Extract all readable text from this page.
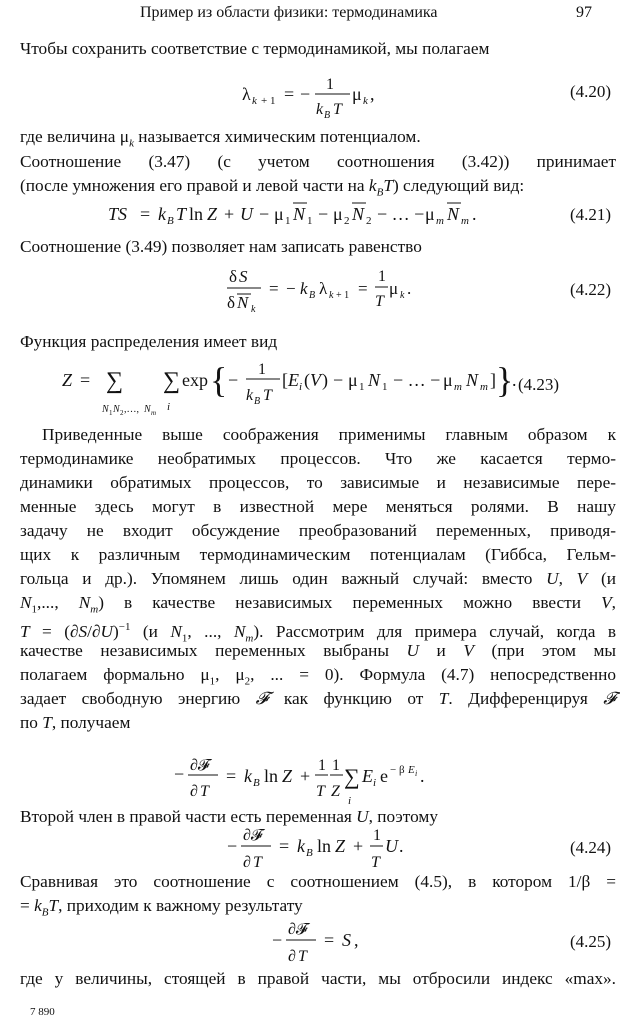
Пример из области физики: термодинамика	97
Чтобы сохранить соответствие с термодинамикой, мы полагаем
λ k + 1 = − 1
k B T
μ k ,	(4.20)
где величина $\mu_k$ называется химическим потенциалом.
Соотношение (3.47) (с учетом соотношения (3.42)) принимает
(после умножения его правой и левой части на $k_BT$) следующий вид:
TS = k B T ln Z + U − μ 1 N 1 − μ 2 N 2 − … − μ m N m .	(4.21)
Соотношение (3.49) позволяет нам записать равенство
δ S
δ N k
= − k B λ k + 1 =
1
T
μ k .	(4.22)
Функция распределения имеет вид
Z = ∑
N 1 N 2 ,…, N m
∑
i
exp { −
1
k B T
[ E i ( V ) − μ 1 N 1 − … − μ m N m ] }
. (4.23)
Приведенные выше соображения применимы главным образом к
термодинамике необратимых процессов. Что же касается термо-
динамики обратимых процессов, то зависимые и независимые пере-
менные здесь могут в известной мере меняться ролями. В нашу
задачу не входит обсуждение преобразований переменных, приводя-
щих к различным термодинамическим потенциалам (Гиббса, Гельм-
гольца и др.). Упомянем лишь один важный случай: вместо U, V (и
$N_1$,..., $N_m$) в качестве независимых переменных можно ввести V,
$T = (\partial S/\partial U)^{-1}$ (и $N_1$, ..., $N_m$). Рассмотрим для примера случай, когда в
качестве независимых переменных выбраны U и V (при этом мы
полагаем формально $\mu_1$, $\mu_2$, ... = 0). Формула (4.7) непосредственно
задает свободную энергию 𝓕 как функцию от T. Дифференцируя 𝓕
по T, получаем
− ∂𝓕
∂ T
= k B ln Z +
1
T
1
Z
∑
i
E i e − β E i .
Второй член в правой части есть переменная U, поэтому
−
∂𝓕
∂ T
= k B ln Z +
1
T
U .	(4.24)
Сравнивая это соотношение с соотношением (4.5), в котором 1/β =
= $k_BT$, приходим к важному результату
−
∂𝓕
∂ T
= S ,	(4.25)
где у величины, стоящей в правой части, мы отбросили индекс «max».
7 890
